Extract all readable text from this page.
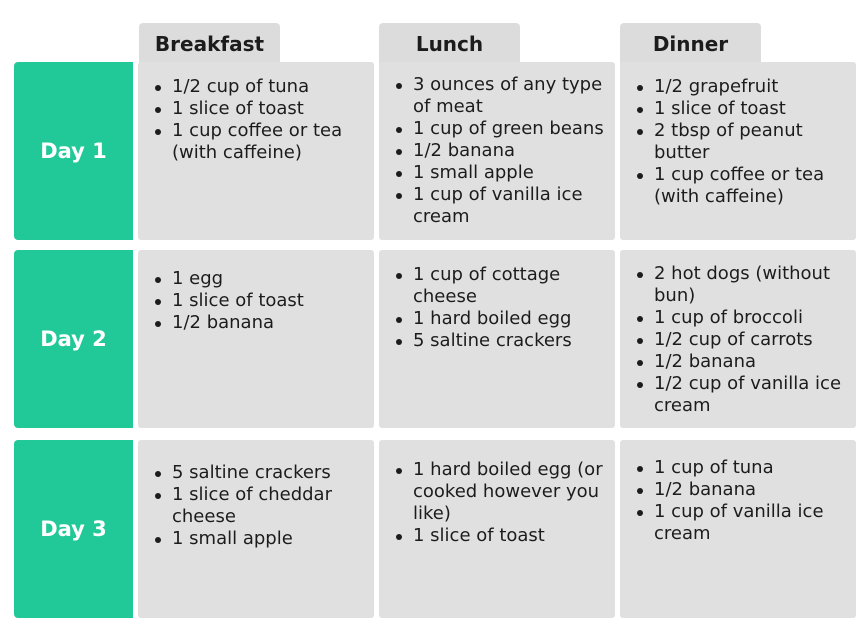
Breakfast	Lunch	Dinner
Day 1
1/2 cup of tuna
1 slice of toast
1 cup coffee or tea (with caffeine)
3 ounces of any type of meat
1 cup of green beans
1/2 banana
1 small apple
1 cup of vanilla ice cream
1/2 grapefruit
1 slice of toast
2 tbsp of peanut butter
1 cup coffee or tea (with caffeine)
Day 2
1 egg
1 slice of toast
1/2 banana
1 cup of cottage cheese
1 hard boiled egg
5 saltine crackers
2 hot dogs (without bun)
1 cup of broccoli
1/2 cup of carrots
1/2 banana
1/2 cup of vanilla ice cream
Day 3
5 saltine crackers
1 slice of cheddar cheese
1 small apple
1 hard boiled egg (or cooked however you like)
1 slice of toast
1 cup of tuna
1/2 banana
1 cup of vanilla ice cream
